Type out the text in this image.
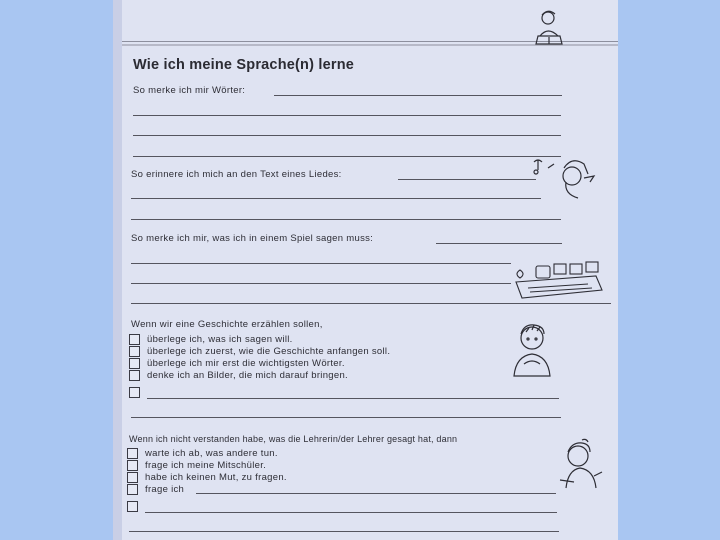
Wie ich meine Sprache(n) lerne
So merke ich mir Wörter:
So erinnere ich mich an den Text eines Liedes:
So merke ich mir, was ich in einem Spiel sagen muss:
Wenn wir eine Geschichte erzählen sollen,
überlege ich, was ich sagen will.
überlege ich zuerst, wie die Geschichte anfangen soll.
überlege ich mir erst die wichtigsten Wörter.
denke ich an Bilder, die mich darauf bringen.
Wenn ich nicht verstanden habe, was die Lehrerin/der Lehrer gesagt hat, dann
warte ich ab, was andere tun.
frage ich meine Mitschüler.
habe ich keinen Mut, zu fragen.
frage ich
